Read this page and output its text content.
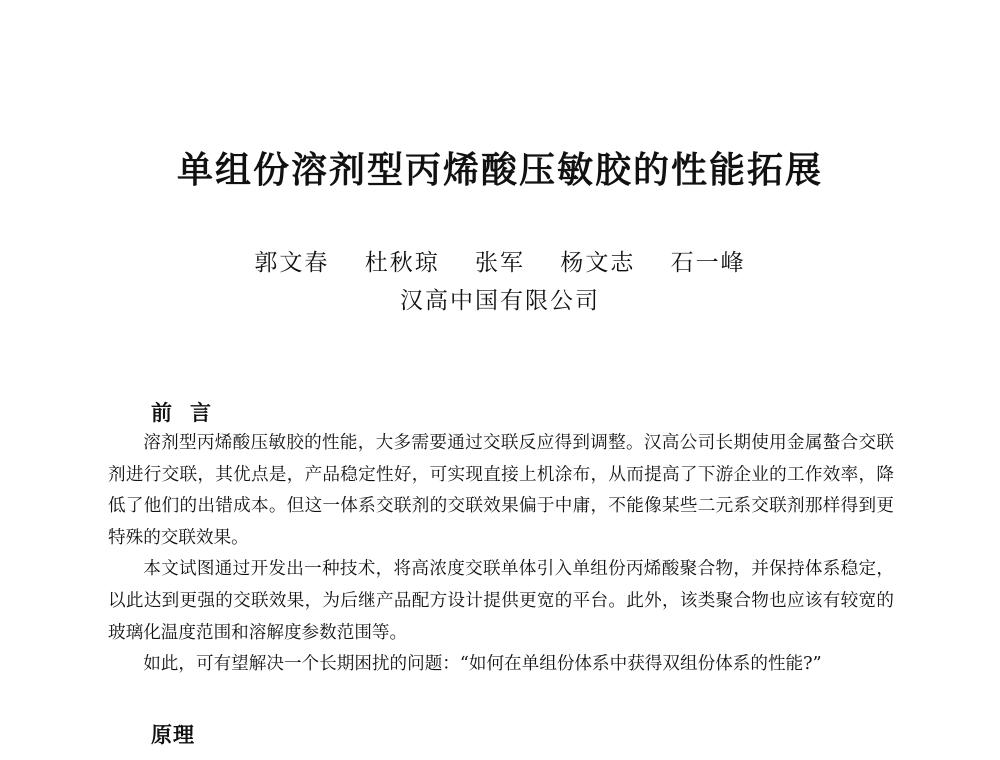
单组份溶剂型丙烯酸压敏胶的性能拓展
郭文春 杜秋琼 张军 杨文志 石一峰
汉高中国有限公司
前言

溶剂型丙烯酸压敏胶的性能，大多需要通过交联反应得到调整。汉高公司长期使用金属螯合交联剂进行交联，其优点是，产品稳定性好，可实现直接上机涂布，从而提高了下游企业的工作效率，降低了他们的出错成本。但这一体系交联剂的交联效果偏于中庸，不能像某些二元系交联剂那样得到更特殊的交联效果。

本文试图通过开发出一种技术，将高浓度交联单体引入单组份丙烯酸聚合物，并保持体系稳定，以此达到更强的交联效果，为后继产品配方设计提供更宽的平台。此外，该类聚合物也应该有较宽的玻璃化温度范围和溶解度参数范围等。

如此，可有望解决一个长期困扰的问题：“如何在单组份体系中获得双组份体系的性能?”

原理
